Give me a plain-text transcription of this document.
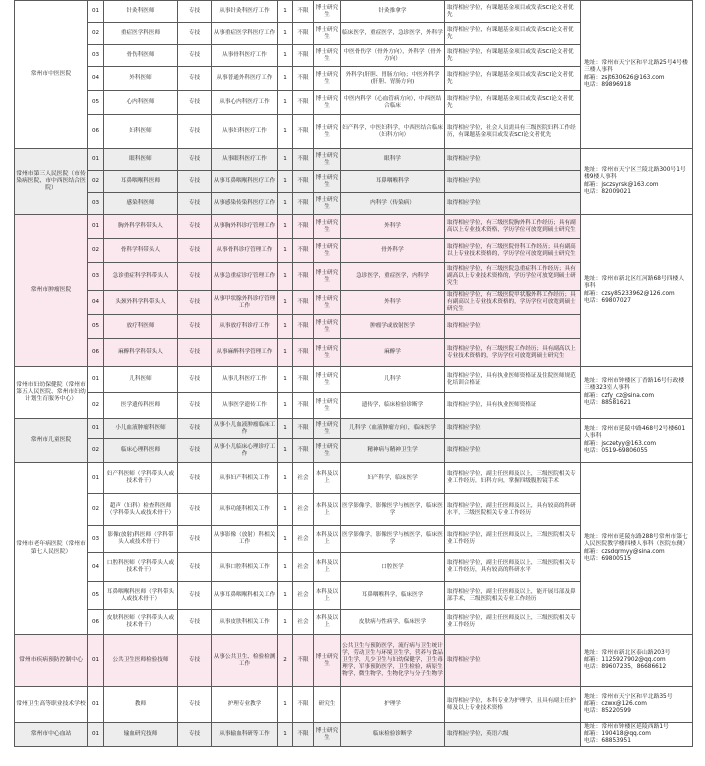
常州市中医医院	01	针灸科医师	专技	从事针灸科医疗工作	1	不限	博士研究生	针灸推拿学	取得相应学位，有课题基金项目或发表SCI论文者优先	地址：常州市天宁区和平北路25号4号楼三楼人事科
邮箱：zsjt630626@163.com
电话：89896918
	02	重症医学科医师	专技	从事重症医学科医疗工作	1	不限	博士研究生	临床医学，重症医学，急诊医学，外科学	取得相应学位，有课题基金项目或发表SCI论文者优先	
	03	骨伤科医师	专技	从事骨科医疗工作	1	不限	博士研究生	中医骨伤学（骨外方向），外科学（骨外方向）	取得相应学位，有课题基金项目或发表SCI论文者优先	
	04	外科医师	专技	从事普通外科医疗工作	1	不限	博士研究生	外科学(肝胆、胃肠方向)；中医外科学(肝胆、胃肠方向)	取得相应学位，有课题基金项目或发表SCI论文者优先	
	05	心内科医师	专技	从事心内科医疗工作	1	不限	博士研究生	中医内科学（心血管病方向），中西医结合临床	取得相应学位，有课题基金项目或发表SCI论文者优先	
	06	妇科医师	专技	从事妇科医疗工作	1	不限	博士研究生	妇产科学，中医妇科学，中西医结合临床（妇科方向）	取得相应学位，社会人员需具有三级医院妇科工作经历，有课题基金项目或发表SCI论文者优先	
常州市第三人民医院（市传染病医院、市中西医结合医院）	01	眼科医师	专技	从事眼科医疗工作	1	不限	博士研究生	眼科学	取得相应学位	地址：常州市天宁区兰陵北路300号1号楼9楼人事科
邮箱：jsczsyrsk@163.com
电话：82009021
	02	耳鼻咽喉科医师	专技	从事耳鼻咽喉科医疗工作	1	不限	博士研究生	耳鼻咽喉科学	取得相应学位	
	03	感染科医师	专技	从事感染传染科医疗工作	1	不限	博士研究生	内科学（传染病）	取得相应学位	
常州市肿瘤医院	01	胸外科学科带头人	专技	从事胸外科诊疗管理工作	1	不限	博士研究生	外科学	取得相应学位，有三级医院胸外科工作经历；具有副高以上专业技术资格，学历学位可放宽到硕士研究生	地址：常州市新北区红河路68号四楼人事科
邮箱：czsy85233962@126.com
电话：69807027
	02	骨科学科带头人	专技	从事骨科诊疗管理工作	1	不限	博士研究生	骨外科学	取得相应学位，有三级医院骨科工作经历；具有副高以上专业技术资格的，学历学位可放宽到硕士研究生	
	03	急诊重症科学科带头人	专技	从事急重症诊疗管理工作	1	不限	博士研究生	急诊医学，重症医学，内科学	取得相应学位，有三级医院急重症科工作经历；具有副高以上专业技术资格的，学历学位可放宽到硕士研究生	
	04	头颈外科学科带头人	专技	从事甲状腺外科诊疗管理工作	1	不限	博士研究生	外科学	取得相应学位，有三级医院甲状腺外科工作经历；具有副高以上专业技术资格的，学历学位可放宽到硕士研究生	
	05	放疗科医师	专技	从事放疗科诊疗工作	1	不限	博士研究生	肿瘤学或放射医学	取得相应学位	
	06	麻醉科学科带头人	专技	从事麻醉科学管理工作	1	不限	博士研究生	麻醉学	取得相应学位，有三级医院工作经历；具有副高以上专业技术资格的，学历学位可放宽到硕士研究生	
常州市妇幼保健院（常州市第五人民医院、常州市妇幼计划生育服务中心）	01	儿科医师	专技	从事儿科医疗工作	1	不限	博士研究生	儿科学	取得相应学位，具有执业医师资格证及住院医师规范化培训合格证	地址：常州市钟楼区丁香路16号行政楼三楼323室人事科
邮箱：czfy_cz@sina.com
电话：88581621
	02	医学遗传科医师	专技	从事医学遗传工作	1	不限	博士研究生	遗传学，临床检验诊断学	取得相应学位，具有执业医师资格证	
常州市儿童医院	01	小儿血液肿瘤科医师	专技	从事小儿血液肿瘤临床工作	1	不限	博士研究生	儿科学（血液肿瘤方向），临床医学	取得相应学位	地址：常州市延陵中路468号2号楼601人事科
邮箱：jsczetyy@163.com
电话：0519-69806055
	02	临床心理科医师	专技	从事小儿临床心理诊疗工作	1	不限	博士研究生	精神病与精神卫生学	取得相应学位	
常州市老年病医院（常州市第七人民医院）	01	妇产科医师（学科带头人或技术骨干）	专技	从事妇产科相关工作	1	社会	本科及以上	妇产科学，临床医学	取得相应学位，副主任医师及以上，三级医院相关专业工作经历，妇科方向，掌握四级腹腔镜手术	地址：常州市延陵东路288号常州市第七人民医院教学楼四楼人事科（医院东侧）
邮箱：czsdqrmyy@sina.com
电话：69800515
	02	超声（妇科）检查科医师（学科带头人或技术骨干）	专技	从事功能科相关工作	1	社会	本科及以上	医学影像学，影像医学与核医学，临床医学	取得相应学位，副主任医师及以上，具有较高的科研水平，三级医院相关专业工作经历	
	03	影像(放射)科医师（学科带头人或技术骨干）	专技	从事影像（放射）科相关工作	1	社会	本科及以上	医学影像学，影像医学与核医学，临床医学	取得相应学位，副主任医师及以上，三级医院相关专业工作经历	
	04	口腔科医师（学科带头人或技术骨干）	专技	从事口腔科相关工作	1	社会	本科及以上	口腔医学	取得相应学位，副主任医师及以上，三级医院相关专业工作经历，具有较高的科研水平	
	05	耳鼻咽喉科医师（学科带头人或技术骨干）	专技	从事耳鼻咽喉科相关工作	1	社会	本科及以上	耳鼻咽喉科学，临床医学	取得相应学位，副主任医师及以上，能开展耳部及鼻部手术，三级医院相关专业工作经历	
	06	皮肤科医师（学科带头人或技术骨干）	专技	从事皮肤科相关工作	1	社会	本科及以上	皮肤病与性病学，临床医学	取得相应学位，副主任医师及以上，三级医院相关专业工作经历	
常州市疾病预防控制中心	01	公共卫生医师检验技师	专技	从事公共卫生、检验检测工作	2	不限	博士研究生	公共卫生与预防医学，流行病与卫生统计学，劳动卫生与环境卫生学，营养与食品卫生学，儿少卫生与妇幼保健学，卫生毒理学，军事预防医学，卫生检验，病原生物学，微生物学，生物化学与分子生物学	取得相应学位	地址：常州市新北区泰山路203号
邮箱：1125927902@qq.com
电话：89607235，86686612
常州卫生高等职业技术学校	01	教师	专技	护理专业教学	1	不限	研究生	护理学	取得相应学位，本科专业为护理学，且具有副主任护师及以上专业技术资格	地址：常州市天宁区和平北路35号
邮箱：czwx@126.com
电话：85220599
常州市中心血站	01	输血研究技师	专技	从事输血科研等工作	1	不限	博士研究生	临床检验诊断学	取得相应学位，英语六级	地址：常州市钟楼区延陵西路1号
邮箱：190418@qq.com
电话：68853951
